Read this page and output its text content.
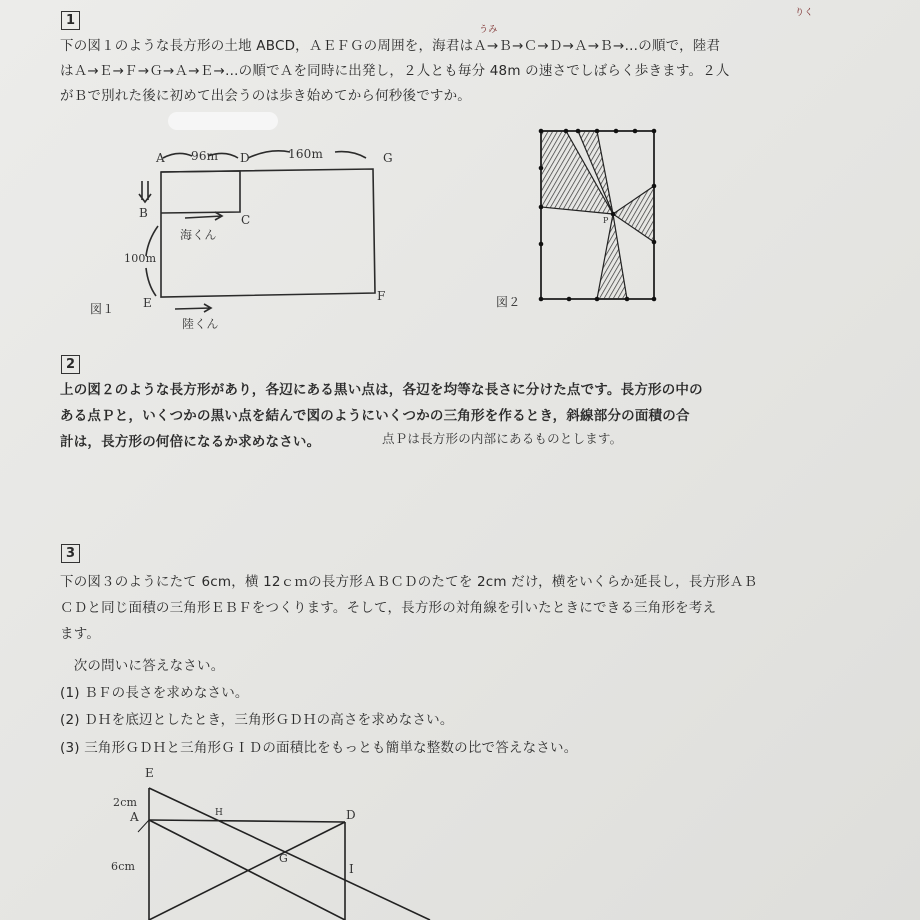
1
下の図１のような長方形の土地 ABCD，ＡＥＦＧの周囲を，海君はＡ→Ｂ→Ｃ→Ｄ→Ａ→Ｂ→…の順で，陸君
はＡ→Ｅ→Ｆ→Ｇ→Ａ→Ｅ→…の順でＡを同時に出発し，２人とも毎分 48m の速さでしばらく歩きます。２人
がＢで別れた後に初めて出会うのは歩き始めてから何秒後ですか。
うみ
りく
A 96m D	160m	G
B	C
海くん
100m
E	F
陸くん
図１
P
図２
2
上の図２のような長方形があり，各辺にある黒い点は，各辺を均等な長さに分けた点です。長方形の中の
ある点Ｐと，いくつかの黒い点を結んで図のようにいくつかの三角形を作るとき，斜線部分の面積の合
計は，長方形の何倍になるか求めなさい。	点Ｐは長方形の内部にあるものとします。
3
下の図３のようにたて 6cm，横 12ｃｍの長方形ＡＢＣＤのたてを 2cm だけ，横をいくらか延長し，長方形ＡＢ
ＣＤと同じ面積の三角形ＥＢＦをつくります。そして，長方形の対角線を引いたときにできる三角形を考え
ます。
　次の問いに答えなさい。
(1) ＢＦの長さを求めなさい。
(2) ＤＨを底辺としたとき，三角形ＧＤＨの高さを求めなさい。
(3) 三角形ＧＤＨと三角形ＧＩＤの面積比をもっとも簡単な整数の比で答えなさい。
E
2cm
A	H	D
G
I
6cm
